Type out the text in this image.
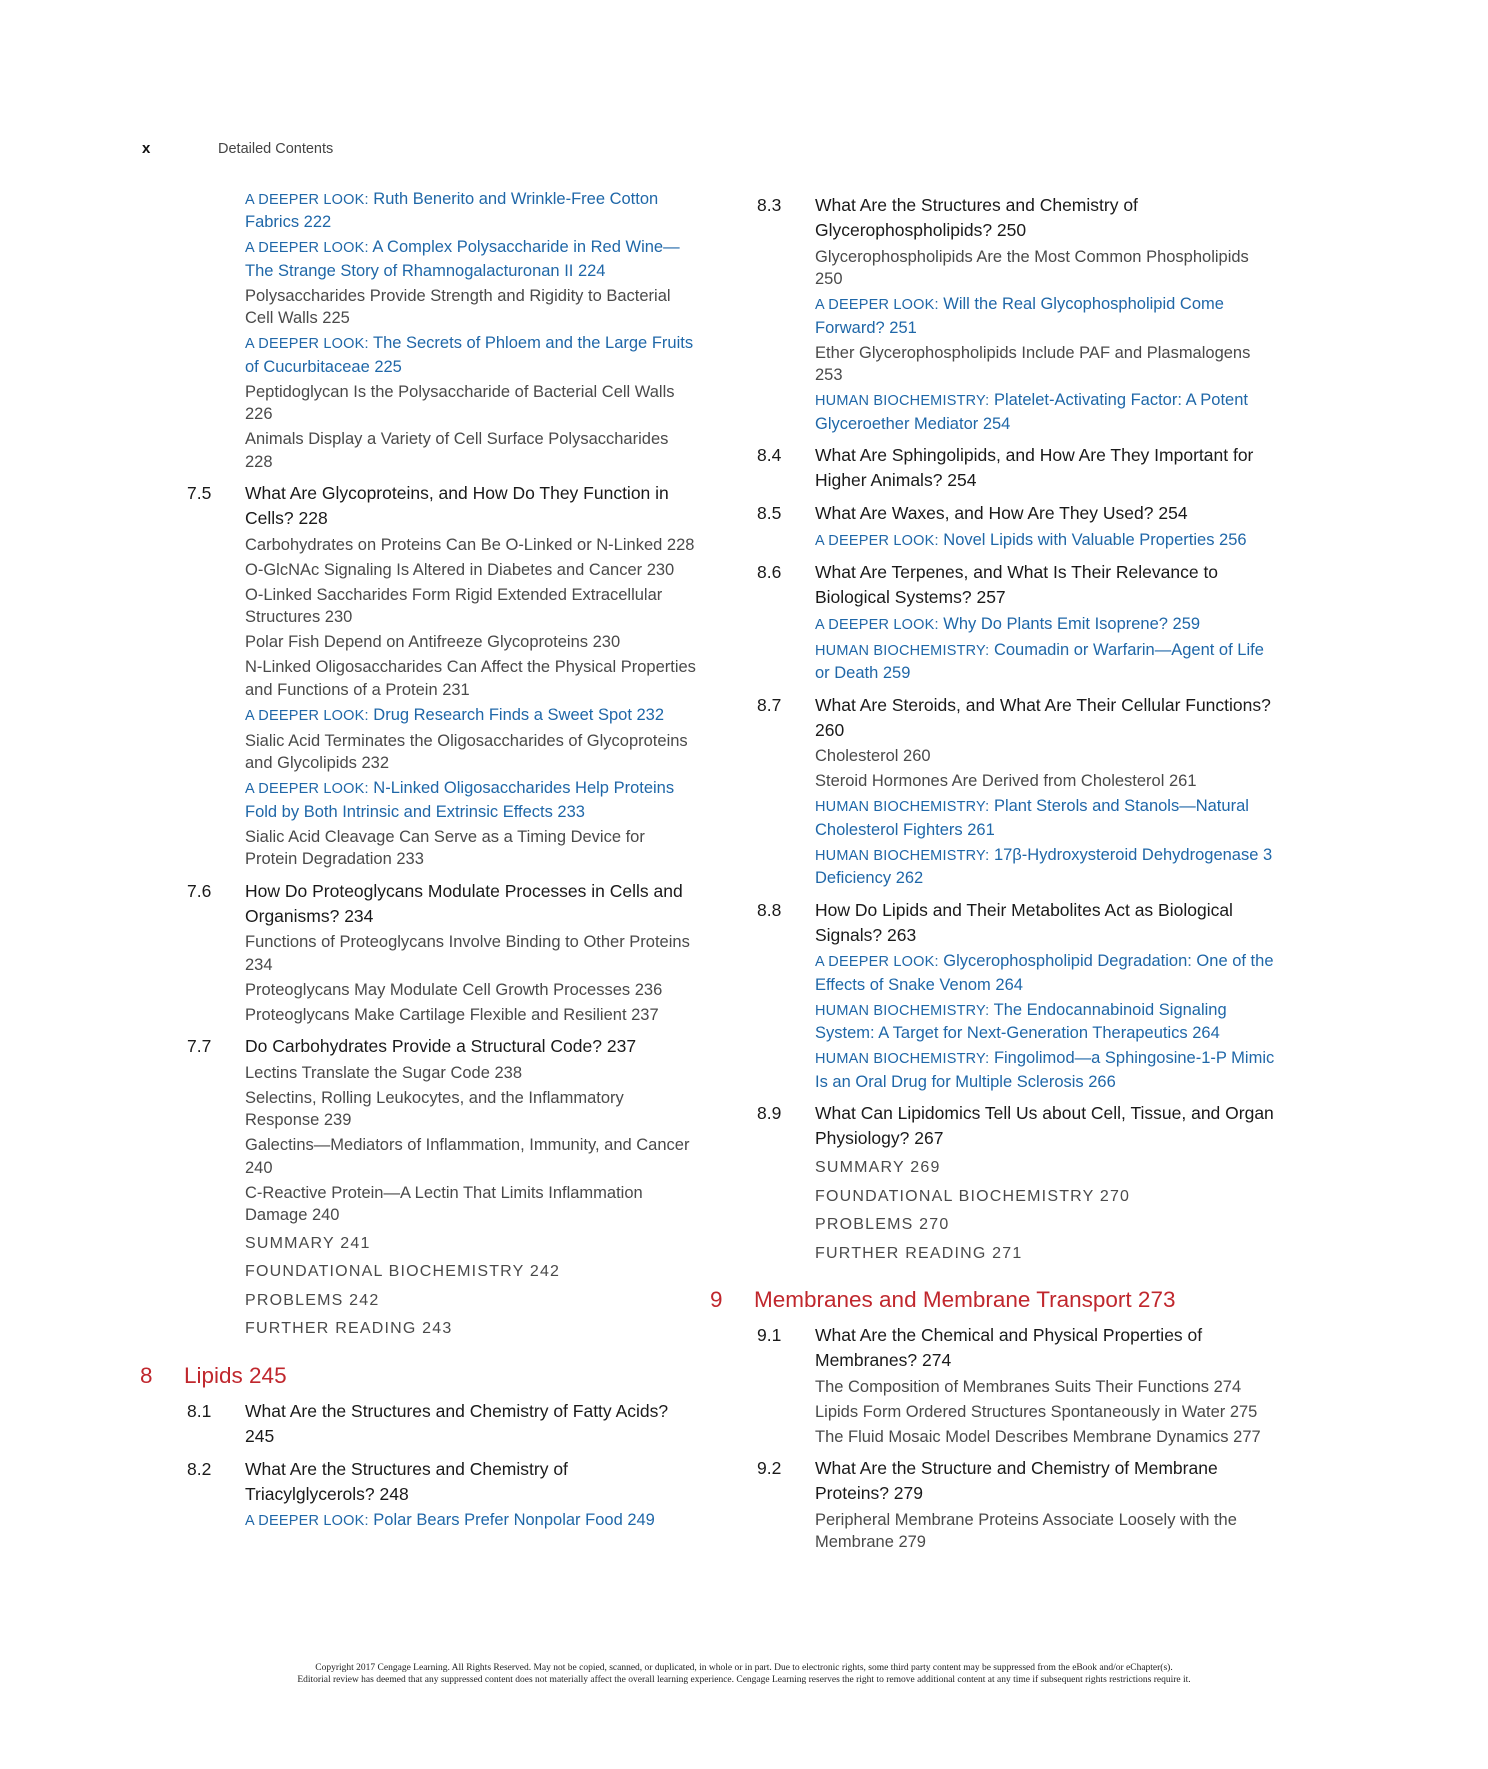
x	Detailed Contents
A DEEPER LOOK: Ruth Benerito and Wrinkle-Free Cotton Fabrics 222
A DEEPER LOOK: A Complex Polysaccharide in Red Wine—The Strange Story of Rhamnogalacturonan II 224
Polysaccharides Provide Strength and Rigidity to Bacterial Cell Walls 225
A DEEPER LOOK: The Secrets of Phloem and the Large Fruits of Cucurbitaceae 225
Peptidoglycan Is the Polysaccharide of Bacterial Cell Walls 226
Animals Display a Variety of Cell Surface Polysaccharides 228
7.5	What Are Glycoproteins, and How Do They Function in Cells? 228
Carbohydrates on Proteins Can Be O-Linked or N-Linked 228
O-GlcNAc Signaling Is Altered in Diabetes and Cancer 230
O-Linked Saccharides Form Rigid Extended Extracellular Structures 230
Polar Fish Depend on Antifreeze Glycoproteins 230
N-Linked Oligosaccharides Can Affect the Physical Properties and Functions of a Protein 231
A DEEPER LOOK: Drug Research Finds a Sweet Spot 232
Sialic Acid Terminates the Oligosaccharides of Glycoproteins and Glycolipids 232
A DEEPER LOOK: N-Linked Oligosaccharides Help Proteins Fold by Both Intrinsic and Extrinsic Effects 233
Sialic Acid Cleavage Can Serve as a Timing Device for Protein Degradation 233
7.6	How Do Proteoglycans Modulate Processes in Cells and Organisms? 234
Functions of Proteoglycans Involve Binding to Other Proteins 234
Proteoglycans May Modulate Cell Growth Processes 236
Proteoglycans Make Cartilage Flexible and Resilient 237
7.7	Do Carbohydrates Provide a Structural Code? 237
Lectins Translate the Sugar Code 238
Selectins, Rolling Leukocytes, and the Inflammatory Response 239
Galectins—Mediators of Inflammation, Immunity, and Cancer 240
C-Reactive Protein—A Lectin That Limits Inflammation Damage 240
SUMMARY 241
FOUNDATIONAL BIOCHEMISTRY 242
PROBLEMS 242
FURTHER READING 243
8	Lipids 245
8.1	What Are the Structures and Chemistry of Fatty Acids? 245
8.2	What Are the Structures and Chemistry of Triacylglycerols? 248
A DEEPER LOOK: Polar Bears Prefer Nonpolar Food 249
8.3	What Are the Structures and Chemistry of Glycerophospholipids? 250
Glycerophospholipids Are the Most Common Phospholipids 250
A DEEPER LOOK: Will the Real Glycophospholipid Come Forward? 251
Ether Glycerophospholipids Include PAF and Plasmalogens 253
HUMAN BIOCHEMISTRY: Platelet-Activating Factor: A Potent Glyceroether Mediator 254
8.4	What Are Sphingolipids, and How Are They Important for Higher Animals? 254
8.5	What Are Waxes, and How Are They Used? 254
A DEEPER LOOK: Novel Lipids with Valuable Properties 256
8.6	What Are Terpenes, and What Is Their Relevance to Biological Systems? 257
A DEEPER LOOK: Why Do Plants Emit Isoprene? 259
HUMAN BIOCHEMISTRY: Coumadin or Warfarin—Agent of Life or Death 259
8.7	What Are Steroids, and What Are Their Cellular Functions? 260
Cholesterol 260
Steroid Hormones Are Derived from Cholesterol 261
HUMAN BIOCHEMISTRY: Plant Sterols and Stanols—Natural Cholesterol Fighters 261
HUMAN BIOCHEMISTRY: 17β-Hydroxysteroid Dehydrogenase 3 Deficiency 262
8.8	How Do Lipids and Their Metabolites Act as Biological Signals? 263
A DEEPER LOOK: Glycerophospholipid Degradation: One of the Effects of Snake Venom 264
HUMAN BIOCHEMISTRY: The Endocannabinoid Signaling System: A Target for Next-Generation Therapeutics 264
HUMAN BIOCHEMISTRY: Fingolimod—a Sphingosine-1-P Mimic Is an Oral Drug for Multiple Sclerosis 266
8.9	What Can Lipidomics Tell Us about Cell, Tissue, and Organ Physiology? 267
SUMMARY 269
FOUNDATIONAL BIOCHEMISTRY 270
PROBLEMS 270
FURTHER READING 271
9	Membranes and Membrane Transport 273
9.1	What Are the Chemical and Physical Properties of Membranes? 274
The Composition of Membranes Suits Their Functions 274
Lipids Form Ordered Structures Spontaneously in Water 275
The Fluid Mosaic Model Describes Membrane Dynamics 277
9.2	What Are the Structure and Chemistry of Membrane Proteins? 279
Peripheral Membrane Proteins Associate Loosely with the Membrane 279
Copyright 2017 Cengage Learning. All Rights Reserved. May not be copied, scanned, or duplicated, in whole or in part. Due to electronic rights, some third party content may be suppressed from the eBook and/or eChapter(s).
Editorial review has deemed that any suppressed content does not materially affect the overall learning experience. Cengage Learning reserves the right to remove additional content at any time if subsequent rights restrictions require it.
